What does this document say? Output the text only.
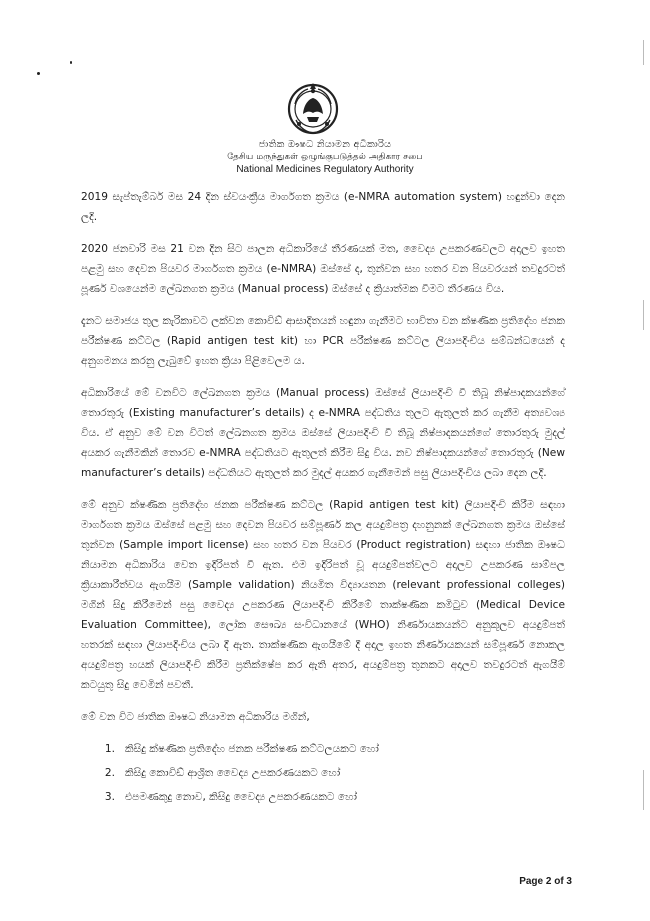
ජාතික ඖෂධ නියාමන අධිකාරිය
தேசிய மருந்துகள் ஒழுங்குபடுத்தல் அதிகார சபை
National Medicines Regulatory Authority

2019 සැප්තැම්බර් මස 24 දින ස්වයංක්‍රීය මාර්ගගත ක්‍රමය (e-NMRA automation system) හඳුන්වා දෙන ලදි.

2020 ජනවාරි මස 21 වන දින සිට පාලන අධිකාරියේ තීරණයක් මත, වෛද්‍ය උපකරණවලට අදාලව ඉහත පළමු සහ දෙවන පියවර මාර්ගගත ක්‍රමය (e-NMRA) ඔස්සේ ද, තුන්වන සහ හතර වන පියවරයන් තවදුරටත් පූර්ණ වශයෙන්ම ලේඛනගත ක්‍රමය (Manual process) ඔස්සේ ද ක්‍රියාත්මක වීමට තීරණය විය.

දැනට සමාජය තුල කැරිකාවට ලක්වන කොවිඩ් ආසාදිතයන් හඳුනා ගැනීමට භාවිතා වන ක්ෂණික ප්‍රතිදේහ ජනක පරීක්ෂණ කට්ටල (Rapid antigen test kit) හා PCR පරීක්ෂණ කට්ටල ලියාපදිංචිය සම්බන්ධයෙන් ද අනුගමනය කරනු ලැබුවේ ඉහත ක්‍රියා පිළිවෙලම ය.

අධිකාරියේ මේ වනවිට ලේඛනගත ක්‍රමය (Manual process) ඔස්සේ ලියාපදිංචි වී තිබූ නිෂ්පාදකයන්ගේ තොරතුරු (Existing manufacturer’s details) ද e-NMRA පද්ධතිය තුලට ඇතුලත් කර ගැනීම අත්‍යවශ්‍ය විය. ඒ අනුව මේ වන විටත් ලේඛනගත ක්‍රමය ඔස්සේ ලියාපදිංචි වී තිබූ නිෂ්පාදකයන්ගේ තොරතුරු මුදල් අයකර ගැනීමකින් තොරව e-NMRA පද්ධතියට ඇතුලත් කිරීම සිදු විය. නව නිෂ්පාදකයන්ගේ තොරතුරු (New manufacturer’s details) පද්ධතියට ඇතුලත් කර මුදල් අයකර ගැනීමෙන් පසු ලියාපදිංචිය ලබා දෙන ලදි.

මේ අනුව ක්ෂණික ප්‍රතිදේහ ජනක පරීක්ෂණ කට්ටල (Rapid antigen test kit) ලියාපදිංචි කිරීම සඳහා මාර්ගගත ක්‍රමය ඔස්සේ පළමු සහ දෙවන පියවර සම්පූර්ණ කල අයදුම්පත්‍ර දහනුනක් ලේඛනගත ක්‍රමය ඔස්සේ තුන්වන (Sample import license) සහ හතර වන පියවර (Product registration) සඳහා ජාතික ඖෂධ නියාමන අධිකාරිය වෙත ඉදිරිපත් වී ඇත. එම ඉදිරිපත් වූ අයදුම්පත්වලට අදාලව උපකරණ සාම්පල ක්‍රියාකාරීත්වය ඇගයීම (Sample validation) නියමිත විද්‍යායතන (relevant professional colleges) මගින් සිදු කිරීමෙන් පසු වෛද්‍ය උපකරණ ලියාපදිංචි කිරීමේ තාක්ෂණික කමිටුව (Medical Device Evaluation Committee), ලෝක සෞඛ්‍ය සංවිධානයේ (WHO) නිර්ණායකයන්ට අනුකූලව අයදුම්පත් හතරක් සඳහා ලියාපදිංචිය ලබා දී ඇත. තාක්ෂණික ඇගයීමේ දී අදාල ඉහත නිර්ණායකයන් සම්පූර්ණ නොකල අයදුම්පත්‍ර හයක් ලියාපදිංචි කිරීම ප්‍රතික්ෂේප කර ඇති අතර, අයදුම්පත්‍ර තුනකට අදාලව තවදුරටත් ඇගයීම් කටයුතු සිදු වෙමින් පවතී.

මේ වන විට ජාතික ඖෂධ නියාමන අධිකාරිය මගින්,

1. කිසිදු ක්ෂණික ප්‍රතිදේහ ජනක පරීක්ෂණ කට්ටලයකට හෝ
2. කිසිදු කොවිඩ් ආශ්‍රිත වෛද්‍ය උපකරණයකට හෝ
3. එපමණකුදු නොව, කිසිදු වෛද්‍ය උපකරණයකට හෝ
Page 2 of 3
